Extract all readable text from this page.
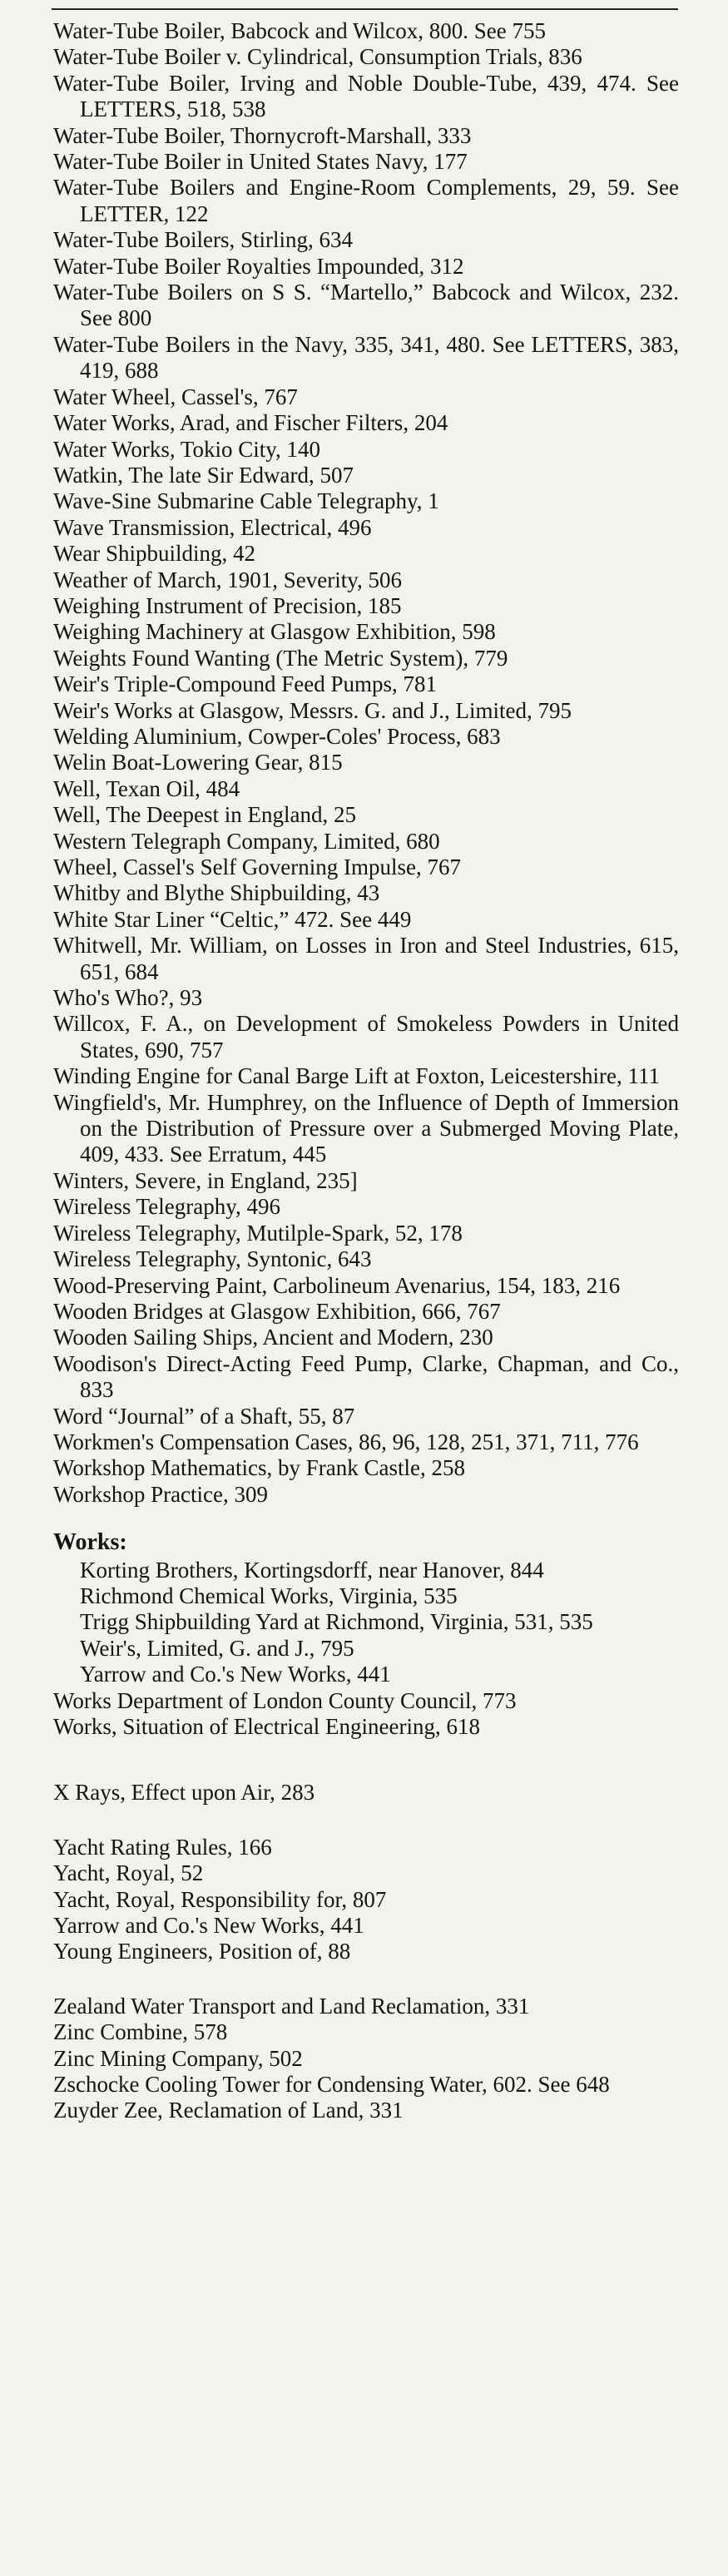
Water-Tube Boiler, Babcock and Wilcox, 800. See 755
Water-Tube Boiler v. Cylindrical, Consumption Trials, 836
Water-Tube Boiler, Irving and Noble Double-Tube, 439, 474. See LETTERS, 518, 538
Water-Tube Boiler, Thornycroft-Marshall, 333
Water-Tube Boiler in United States Navy, 177
Water-Tube Boilers and Engine-Room Complements, 29, 59. See LETTER, 122
Water-Tube Boilers, Stirling, 634
Water-Tube Boiler Royalties Impounded, 312
Water-Tube Boilers on S S. “Martello,” Babcock and Wilcox, 232. See 800
Water-Tube Boilers in the Navy, 335, 341, 480. See LETTERS, 383, 419, 688
Water Wheel, Cassel's, 767
Water Works, Arad, and Fischer Filters, 204
Water Works, Tokio City, 140
Watkin, The late Sir Edward, 507
Wave-Sine Submarine Cable Telegraphy, 1
Wave Transmission, Electrical, 496
Wear Shipbuilding, 42
Weather of March, 1901, Severity, 506
Weighing Instrument of Precision, 185
Weighing Machinery at Glasgow Exhibition, 598
Weights Found Wanting (The Metric System), 779
Weir's Triple-Compound Feed Pumps, 781
Weir's Works at Glasgow, Messrs. G. and J., Limited, 795
Welding Aluminium, Cowper-Coles' Process, 683
Welin Boat-Lowering Gear, 815
Well, Texan Oil, 484
Well, The Deepest in England, 25
Western Telegraph Company, Limited, 680
Wheel, Cassel's Self Governing Impulse, 767
Whitby and Blythe Shipbuilding, 43
White Star Liner “Celtic,” 472. See 449
Whitwell, Mr. William, on Losses in Iron and Steel Industries, 615, 651, 684
Who's Who?, 93
Willcox, F. A., on Development of Smokeless Powders in United States, 690, 757
Winding Engine for Canal Barge Lift at Foxton, Leicestershire, 111
Wingfield's, Mr. Humphrey, on the Influence of Depth of Immersion on the Distribution of Pressure over a Submerged Moving Plate, 409, 433. See Erratum, 445
Winters, Severe, in England, 235]
Wireless Telegraphy, 496
Wireless Telegraphy, Mutilple-Spark, 52, 178
Wireless Telegraphy, Syntonic, 643
Wood-Preserving Paint, Carbolineum Avenarius, 154, 183, 216
Wooden Bridges at Glasgow Exhibition, 666, 767
Wooden Sailing Ships, Ancient and Modern, 230
Woodison's Direct-Acting Feed Pump, Clarke, Chapman, and Co., 833
Word “Journal” of a Shaft, 55, 87
Workmen's Compensation Cases, 86, 96, 128, 251, 371, 711, 776
Workshop Mathematics, by Frank Castle, 258
Workshop Practice, 309
Works:
Korting Brothers, Kortingsdorff, near Hanover, 844
Richmond Chemical Works, Virginia, 535
Trigg Shipbuilding Yard at Richmond, Virginia, 531, 535
Weir's, Limited, G. and J., 795
Yarrow and Co.'s New Works, 441
Works Department of London County Council, 773
Works, Situation of Electrical Engineering, 618
X Rays, Effect upon Air, 283
Yacht Rating Rules, 166
Yacht, Royal, 52
Yacht, Royal, Responsibility for, 807
Yarrow and Co.'s New Works, 441
Young Engineers, Position of, 88
Zealand Water Transport and Land Reclamation, 331
Zinc Combine, 578
Zinc Mining Company, 502
Zschocke Cooling Tower for Condensing Water, 602. See 648
Zuyder Zee, Reclamation of Land, 331
